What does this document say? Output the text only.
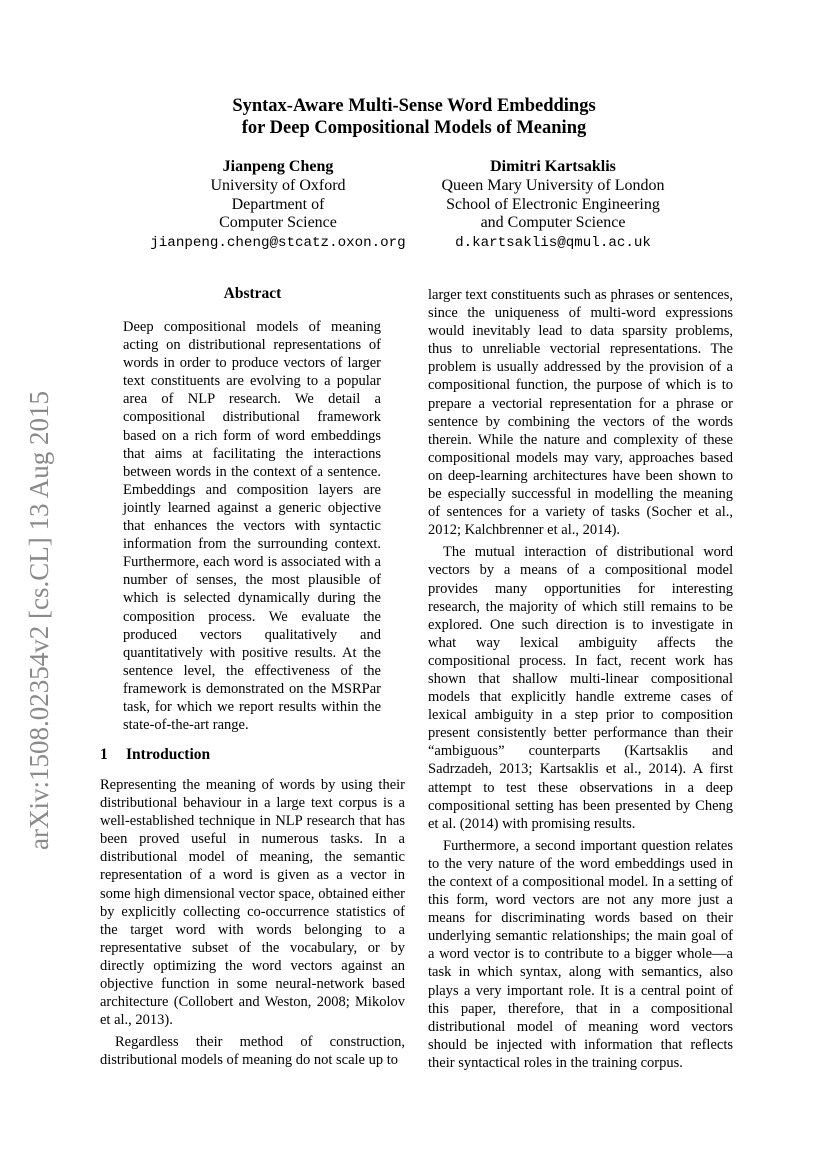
arXiv:1508.02354v2 [cs.CL] 13 Aug 2015
Syntax-Aware Multi-Sense Word Embeddings
for Deep Compositional Models of Meaning
Jianpeng Cheng
University of Oxford
Department of
Computer Science
jianpeng.cheng@stcatz.oxon.org
Dimitri Kartsaklis
Queen Mary University of London
School of Electronic Engineering
and Computer Science
d.kartsaklis@qmul.ac.uk
Abstract

Deep compositional models of meaning acting on distributional representations of words in order to produce vectors of larger text constituents are evolving to a popular area of NLP research. We detail a compositional distributional framework based on a rich form of word embeddings that aims at facilitating the interactions between words in the context of a sentence. Embeddings and composition layers are jointly learned against a generic objective that enhances the vectors with syntactic information from the surrounding context. Furthermore, each word is associated with a number of senses, the most plausible of which is selected dynamically during the composition process. We evaluate the produced vectors qualitatively and quantitatively with positive results. At the sentence level, the effectiveness of the framework is demonstrated on the MSRPar task, for which we report results within the state-of-the-art range.

1 Introduction

Representing the meaning of words by using their distributional behaviour in a large text corpus is a well-established technique in NLP research that has been proved useful in numerous tasks. In a distributional model of meaning, the semantic representation of a word is given as a vector in some high dimensional vector space, obtained either by explicitly collecting co-occurrence statistics of the target word with words belonging to a representative subset of the vocabulary, or by directly optimizing the word vectors against an objective function in some neural-network based architecture (Collobert and Weston, 2008; Mikolov et al., 2013).

Regardless their method of construction, distributional models of meaning do not scale up to

larger text constituents such as phrases or sentences, since the uniqueness of multi-word expressions would inevitably lead to data sparsity problems, thus to unreliable vectorial representations. The problem is usually addressed by the provision of a compositional function, the purpose of which is to prepare a vectorial representation for a phrase or sentence by combining the vectors of the words therein. While the nature and complexity of these compositional models may vary, approaches based on deep-learning architectures have been shown to be especially successful in modelling the meaning of sentences for a variety of tasks (Socher et al., 2012; Kalchbrenner et al., 2014).

The mutual interaction of distributional word vectors by a means of a compositional model provides many opportunities for interesting research, the majority of which still remains to be explored. One such direction is to investigate in what way lexical ambiguity affects the compositional process. In fact, recent work has shown that shallow multi-linear compositional models that explicitly handle extreme cases of lexical ambiguity in a step prior to composition present consistently better performance than their “ambiguous” counterparts (Kartsaklis and Sadrzadeh, 2013; Kartsaklis et al., 2014). A first attempt to test these observations in a deep compositional setting has been presented by Cheng et al. (2014) with promising results.

Furthermore, a second important question relates to the very nature of the word embeddings used in the context of a compositional model. In a setting of this form, word vectors are not any more just a means for discriminating words based on their underlying semantic relationships; the main goal of a word vector is to contribute to a bigger whole—a task in which syntax, along with semantics, also plays a very important role. It is a central point of this paper, therefore, that in a compositional distributional model of meaning word vectors should be injected with information that reflects their syntactical roles in the training corpus.
